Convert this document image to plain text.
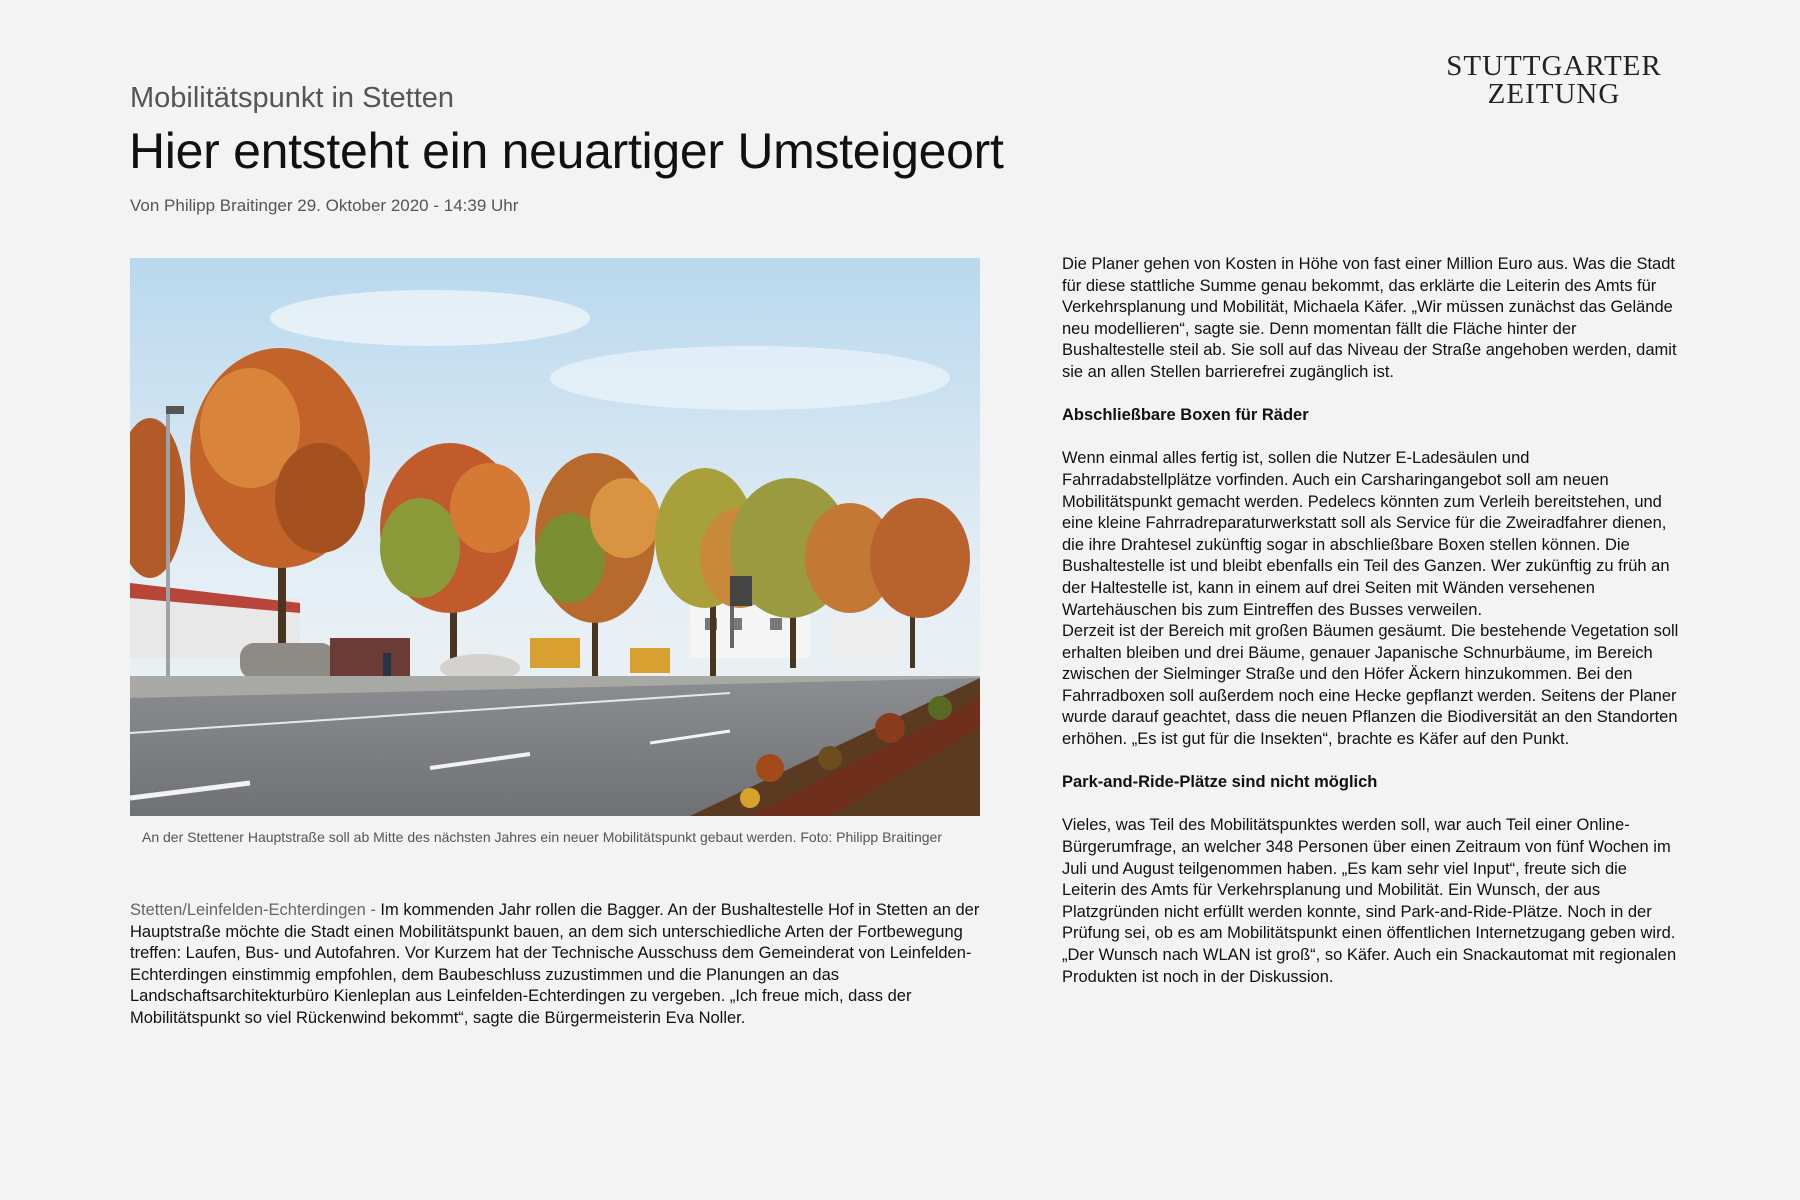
STUTTGARTER
ZEITUNG
Mobilitätspunkt in Stetten
Hier entsteht ein neuartiger Umsteigeort
Von Philipp Braitinger 29. Oktober 2020 - 14:39 Uhr
An der Stettener Hauptstraße soll ab Mitte des nächsten Jahres ein neuer Mobilitätspunkt gebaut werden. Foto: Philipp Braitinger

Stetten/Leinfelden-Echterdingen - Im kommenden Jahr rollen die Bagger. An der Bushaltestelle Hof in Stetten an der Hauptstraße möchte die Stadt einen Mobilitätspunkt bauen, an dem sich unterschiedliche Arten der Fortbewegung treffen: Laufen, Bus- und Autofahren. Vor Kurzem hat der Technische Ausschuss dem Gemeinderat von Leinfelden-Echterdingen einstimmig empfohlen, dem Baubeschluss zuzustimmen und die Planungen an das Landschaftsarchitekturbüro Kienleplan aus Leinfelden-Echterdingen zu vergeben. „Ich freue mich, dass der Mobilitätspunkt so viel Rückenwind bekommt“, sagte die Bürgermeisterin Eva Noller.

Die Planer gehen von Kosten in Höhe von fast einer Million Euro aus. Was die Stadt für diese stattliche Summe genau bekommt, das erklärte die Leiterin des Amts für Verkehrsplanung und Mobilität, Michaela Käfer. „Wir müssen zunächst das Gelände neu modellieren“, sagte sie. Denn momentan fällt die Fläche hinter der Bushaltestelle steil ab. Sie soll auf das Niveau der Straße angehoben werden, damit sie an allen Stellen barrierefrei zugänglich ist.

Abschließbare Boxen für Räder

Wenn einmal alles fertig ist, sollen die Nutzer E-Ladesäulen und Fahrradabstellplätze vorfinden. Auch ein Carsharingangebot soll am neuen Mobilitätspunkt gemacht werden. Pedelecs könnten zum Verleih bereitstehen, und eine kleine Fahrradreparaturwerkstatt soll als Service für die Zweiradfahrer dienen, die ihre Drahtesel zukünftig sogar in abschließbare Boxen stellen können. Die Bushaltestelle ist und bleibt ebenfalls ein Teil des Ganzen. Wer zukünftig zu früh an der Haltestelle ist, kann in einem auf drei Seiten mit Wänden versehenen Wartehäuschen bis zum Eintreffen des Busses verweilen.

Derzeit ist der Bereich mit großen Bäumen gesäumt. Die bestehende Vegetation soll erhalten bleiben und drei Bäume, genauer Japanische Schnurbäume, im Bereich zwischen der Sielminger Straße und den Höfer Äckern hinzukommen. Bei den Fahrradboxen soll außerdem noch eine Hecke gepflanzt werden. Seitens der Planer wurde darauf geachtet, dass die neuen Pflanzen die Biodiversität an den Standorten erhöhen. „Es ist gut für die Insekten“, brachte es Käfer auf den Punkt.

Park-and-Ride-Plätze sind nicht möglich

Vieles, was Teil des Mobilitätspunktes werden soll, war auch Teil einer Online-Bürgerumfrage, an welcher 348 Personen über einen Zeitraum von fünf Wochen im Juli und August teilgenommen haben. „Es kam sehr viel Input“, freute sich die Leiterin des Amts für Verkehrsplanung und Mobilität. Ein Wunsch, der aus Platzgründen nicht erfüllt werden konnte, sind Park-and-Ride-Plätze. Noch in der Prüfung sei, ob es am Mobilitätspunkt einen öffentlichen Internetzugang geben wird. „Der Wunsch nach WLAN ist groß“, so Käfer. Auch ein Snackautomat mit regionalen Produkten ist noch in der Diskussion.
